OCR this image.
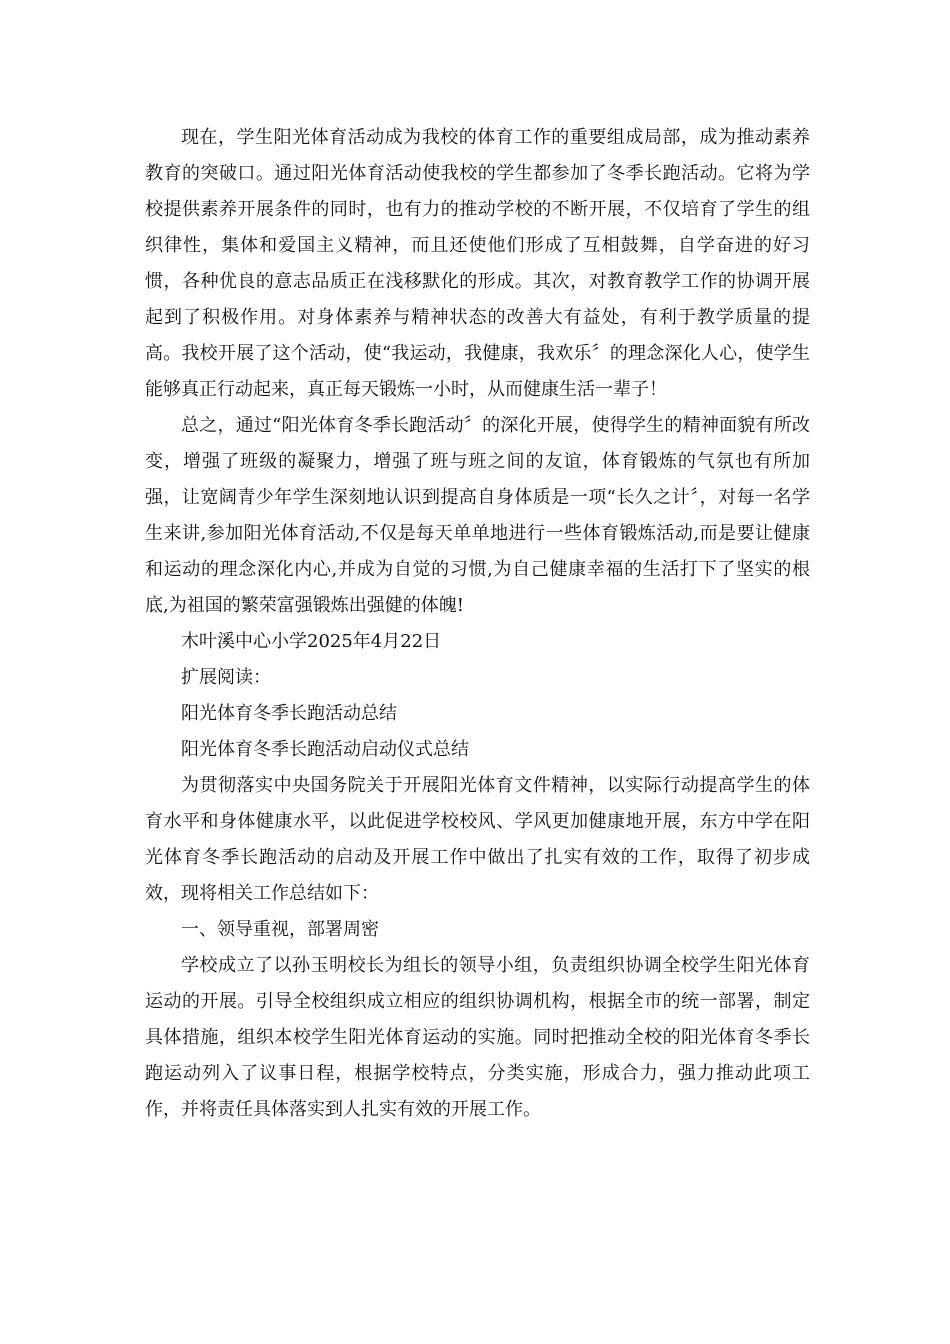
现在，学生阳光体育活动成为我校的体育工作的重要组成局部，成为推动素养教育的突破口。通过阳光体育活动使我校的学生都参加了冬季长跑活动。它将为学校提供素养开展条件的同时，也有力的推动学校的不断开展，不仅培育了学生的组织律性，集体和爱国主义精神，而且还使他们形成了互相鼓舞，自学奋进的好习惯，各种优良的意志品质正在浅移默化的形成。其次，对教育教学工作的协调开展起到了积极作用。对身体素养与精神状态的改善大有益处，有利于教学质量的提高。我校开展了这个活动，使“我运动，我健康，我欢乐〞的理念深化人心，使学生能够真正行动起来，真正每天锻炼一小时，从而健康生活一辈子！

总之，通过“阳光体育冬季长跑活动〞的深化开展，使得学生的精神面貌有所改变，增强了班级的凝聚力，增强了班与班之间的友谊，体育锻炼的气氛也有所加强，让宽阔青少年学生深刻地认识到提高自身体质是一项“长久之计〞，对每一名学生来讲,参加阳光体育活动,不仅是每天单单地进行一些体育锻炼活动,而是要让健康和运动的理念深化内心,并成为自觉的习惯,为自己健康幸福的生活打下了坚实的根底,为祖国的繁荣富强锻炼出强健的体魄!

木叶溪中心小学2025年4月22日

扩展阅读：

阳光体育冬季长跑活动总结

阳光体育冬季长跑活动启动仪式总结

为贯彻落实中央国务院关于开展阳光体育文件精神，以实际行动提高学生的体育水平和身体健康水平，以此促进学校校风、学风更加健康地开展，东方中学在阳光体育冬季长跑活动的启动及开展工作中做出了扎实有效的工作，取得了初步成效，现将相关工作总结如下：

一、领导重视，部署周密

学校成立了以孙玉明校长为组长的领导小组，负责组织协调全校学生阳光体育运动的开展。引导全校组织成立相应的组织协调机构，根据全市的统一部署，制定具体措施，组织本校学生阳光体育运动的实施。同时把推动全校的阳光体育冬季长跑运动列入了议事日程，根据学校特点，分类实施，形成合力，强力推动此项工作，并将责任具体落实到人扎实有效的开展工作。
